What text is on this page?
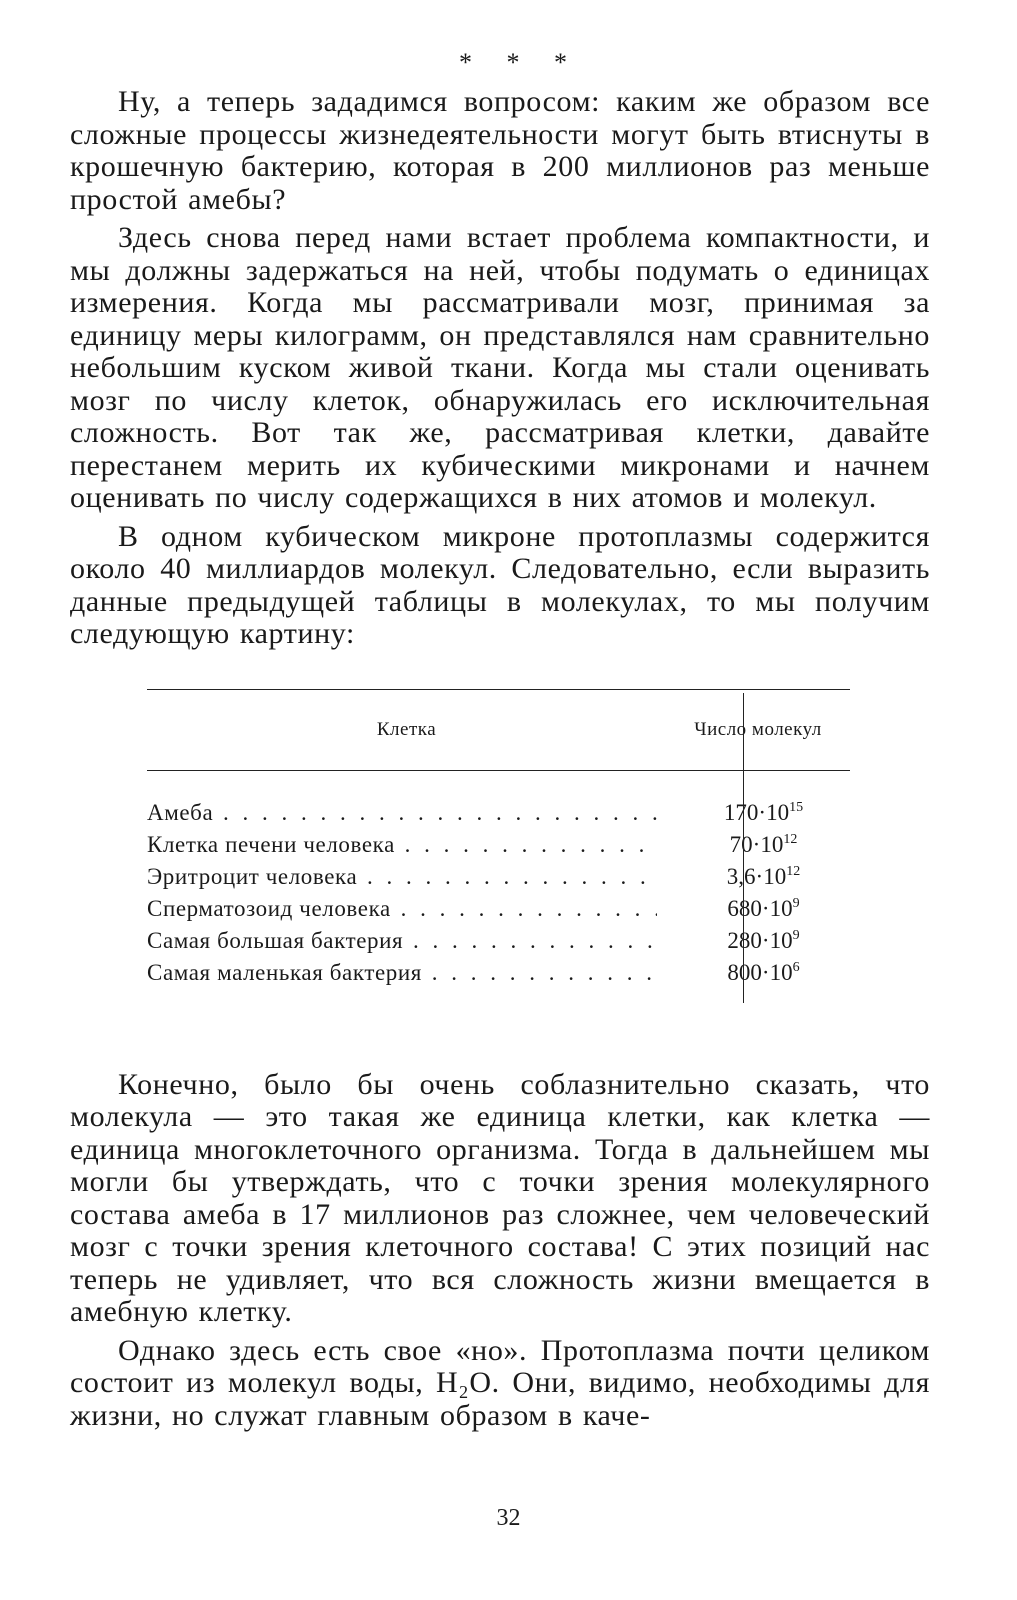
* * *

Ну, а теперь зададимся вопросом: каким же образом все сложные процессы жизнедеятельности могут быть втиснуты в крошечную бактерию, которая в 200 миллионов раз меньше простой амебы?

Здесь снова перед нами встает проблема компактности, и мы должны задержаться на ней, чтобы подумать о единицах измерения. Когда мы рассматривали мозг, принимая за единицу меры килограмм, он представлялся нам сравнительно небольшим куском живой ткани. Когда мы стали оценивать мозг по числу клеток, обнаружилась его исключительная сложность. Вот так же, рассматривая клетки, давайте перестанем мерить их кубическими микронами и начнем оценивать по числу содержащихся в них атомов и молекул.

В одном кубическом микроне протоплазмы содержится около 40 миллиардов молекул. Следовательно, если выразить данные предыдущей таблицы в молекулах, то мы получим следующую картину:

Клетка	Число молекул
Амеба . . .	$170\cdot 10^{15}$
Клетка печени человека . . .	$70\cdot 10^{12}$
Эритроцит человека . . .	$3,6\cdot 10^{12}$
Сперматозоид человека . . .	$680\cdot 10^9$
Самая большая бактерия . . .	$280\cdot 10^9$
Самая маленькая бактерия . . .	$800\cdot 10^6$

Конечно, было бы очень соблазнительно сказать, что молекула — это такая же единица клетки, как клетка — единица многоклеточного организма. Тогда в дальнейшем мы могли бы утверждать, что с точки зрения молекулярного состава амеба в 17 миллионов раз сложнее, чем человеческий мозг с точки зрения клеточного состава! С этих позиций нас теперь не удивляет, что вся сложность жизни вмещается в амебную клетку.

Однако здесь есть свое «но». Протоплазма почти целиком состоит из молекул воды, H₂O. Они, видимо, необходимы для жизни, но служат главным образом в каче-

32
